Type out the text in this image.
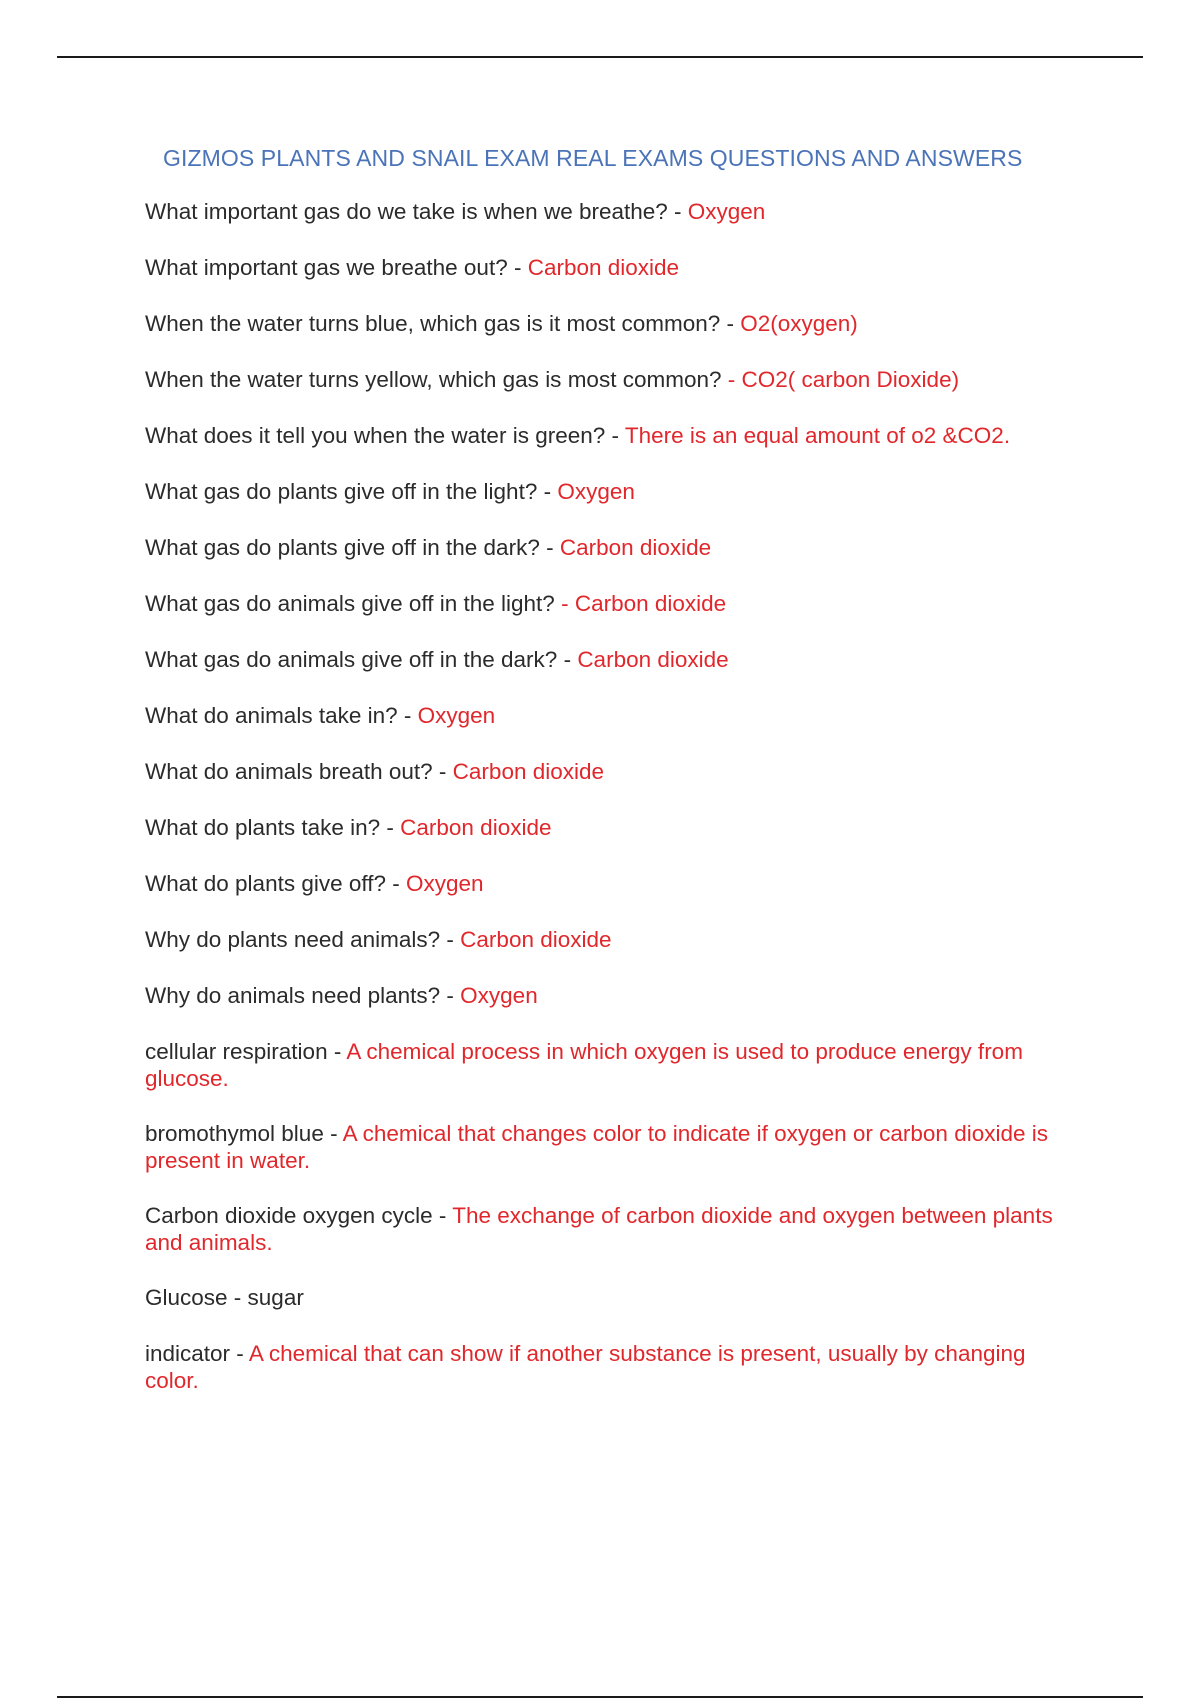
GIZMOS PLANTS AND SNAIL EXAM REAL EXAMS QUESTIONS AND ANSWERS
What important gas do we take is when we breathe? - Oxygen
What important gas we breathe out? - Carbon dioxide
When the water turns blue, which gas is it most common? - O2(oxygen)
When the water turns yellow, which gas is most common? - CO2( carbon Dioxide)
What does it tell you when the water is green? - There is an equal amount of o2 &CO2.
What gas do plants give off in the light? - Oxygen
What gas do plants give off in the dark? - Carbon dioxide
What gas do animals give off in the light? - Carbon dioxide
What gas do animals give off in the dark? - Carbon dioxide
What do animals take in? - Oxygen
What do animals breath out? - Carbon dioxide
What do plants take in? - Carbon dioxide
What do plants give off? - Oxygen
Why do plants need animals? - Carbon dioxide
Why do animals need plants? - Oxygen
cellular respiration - A chemical process in which oxygen is used to produce energy from glucose.
bromothymol blue - A chemical that changes color to indicate if oxygen or carbon dioxide is present in water.
Carbon dioxide oxygen cycle - The exchange of carbon dioxide and oxygen between plants and animals.
Glucose - sugar
indicator - A chemical that can show if another substance is present, usually by changing color.
